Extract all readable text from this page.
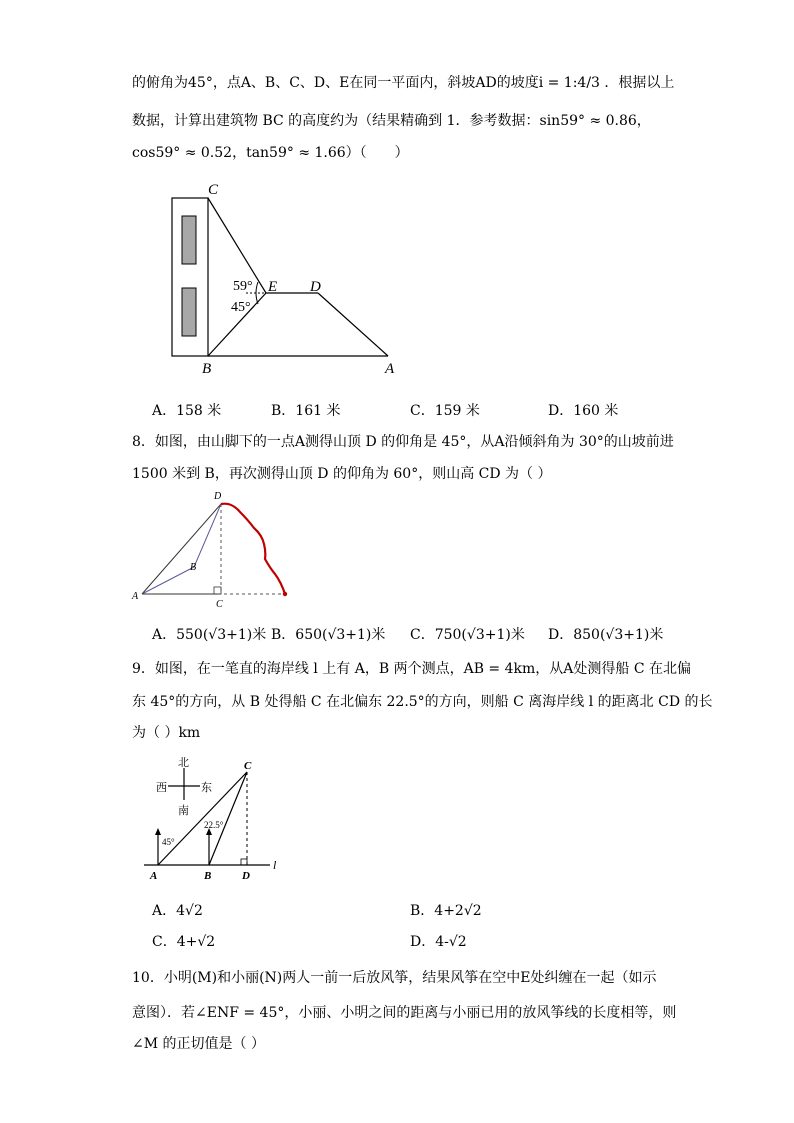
的俯角为45°，点A、B、C、D、E在同一平面内，斜坡AD的坡度i = 1:4/3 ．根据以上
数据，计算出建筑物 BC 的高度约为（结果精确到 1．参考数据：sin59° ≈ 0.86，
cos59° ≈ 0.52，tan59° ≈ 1.66）（　　）
C
E D
B	A
59°
45°
A．158 米	B．161 米	C．159 米	D．160 米
8．如图，由山脚下的一点A测得山顶 D 的仰角是 45°，从A沿倾斜角为 30°的山坡前进
1500 米到 B，再次测得山顶 D 的仰角为 60°，则山高 CD 为（ ）
D
B
A
C
A．550(√3+1)米 B．650(√3+1)米 C．750(√3+1)米 D．850(√3+1)米
9．如图，在一笔直的海岸线 l 上有 A，B 两个测点，AB = 4km，从A处测得船 C 在北偏
东 45°的方向，从 B 处得船 C 在北偏东 22.5°的方向，则船 C 离海岸线 l 的距离北 CD 的长
为（ ）km
北
西	东
南
45°
22.5°
A	B	D
C
l
A．4√2	B．4+2√2
C．4+√2	D．4-√2
10．小明(M)和小丽(N)两人一前一后放风筝，结果风筝在空中E处纠缠在一起（如示
意图）．若∠ENF = 45°，小丽、小明之间的距离与小丽已用的放风筝线的长度相等，则
∠M 的正切值是（ ）
